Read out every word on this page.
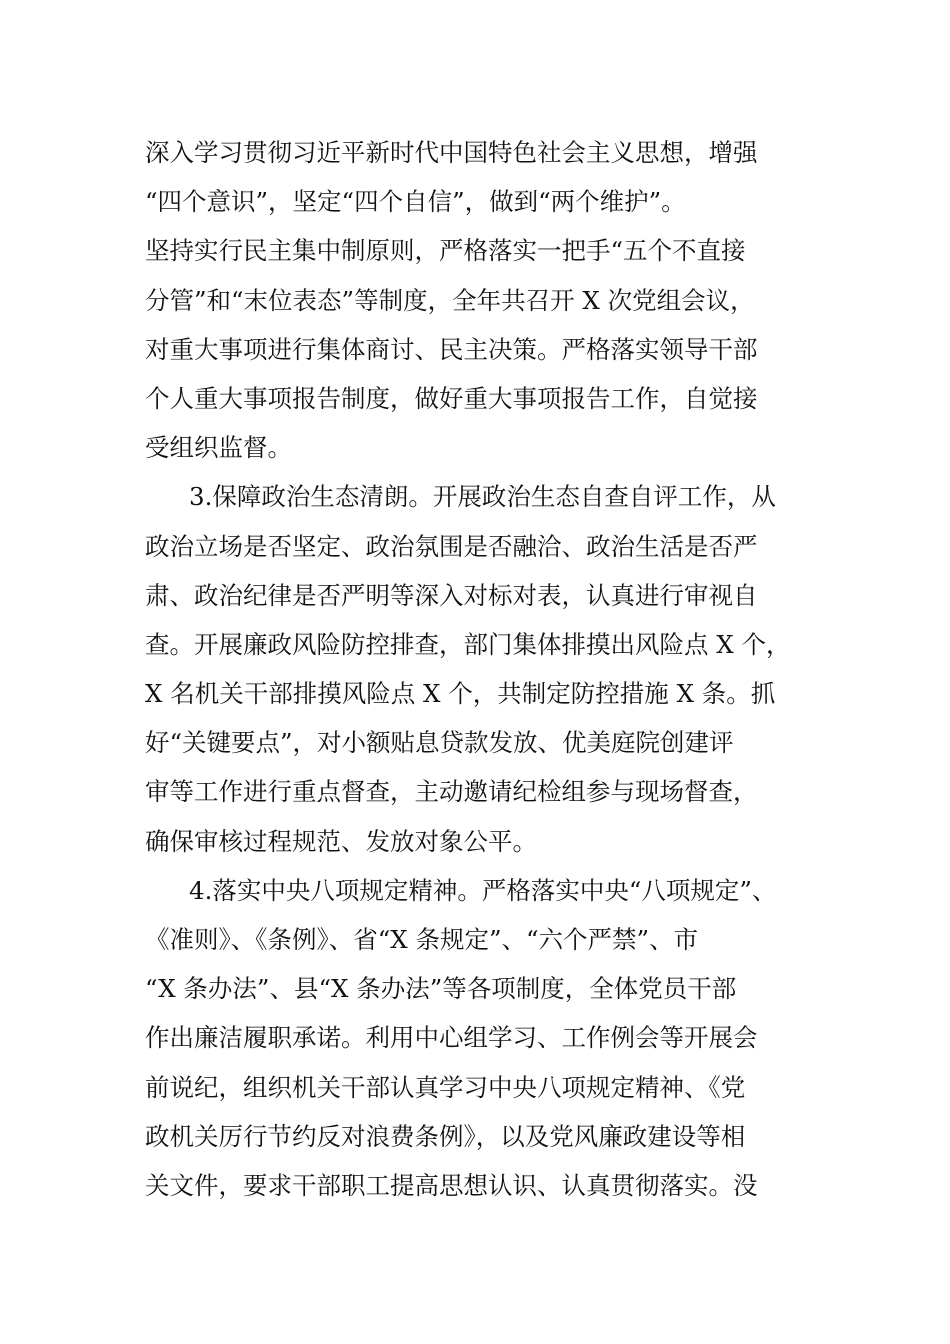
深入学习贯彻习近平新时代中国特色社会主义思想，增强
“四个意识”，坚定“四个自信”，做到“两个维护”。
坚持实行民主集中制原则，严格落实一把手“五个不直接
分管”和“末位表态”等制度，全年共召开 X 次党组会议，
对重大事项进行集体商讨、民主决策。严格落实领导干部
个人重大事项报告制度，做好重大事项报告工作，自觉接
受组织监督。
3.保障政治生态清朗。开展政治生态自查自评工作，从
政治立场是否坚定、政治氛围是否融洽、政治生活是否严
肃、政治纪律是否严明等深入对标对表，认真进行审视自
查。开展廉政风险防控排查，部门集体排摸出风险点 X 个，
X 名机关干部排摸风险点 X 个，共制定防控措施 X 条。抓
好“关键要点”，对小额贴息贷款发放、优美庭院创建评
审等工作进行重点督查，主动邀请纪检组参与现场督查，
确保审核过程规范、发放对象公平。
4.落实中央八项规定精神。严格落实中央“八项规定”、
《准则》、《条例》、省“X 条规定”、“六个严禁”、市
“X 条办法”、县“X 条办法”等各项制度，全体党员干部
作出廉洁履职承诺。利用中心组学习、工作例会等开展会
前说纪，组织机关干部认真学习中央八项规定精神、《党
政机关厉行节约反对浪费条例》，以及党风廉政建设等相
关文件，要求干部职工提高思想认识、认真贯彻落实。没
